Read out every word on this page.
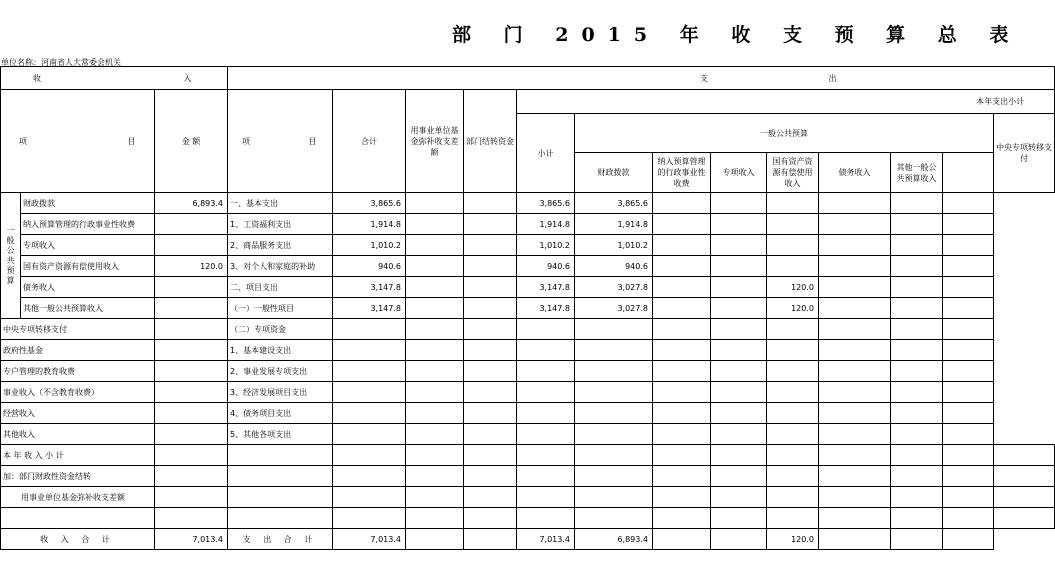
部 门 2015 年 收 支 预 算 总 表
单位名称：河南省人大常委会机关
收 入			支 出												
项 目		金 额	项 目	合计	用事业单位基金弥补收支差额	部门结转资金	本年支出小计								
							小计	一般公共预算							中央专项转移支付
								财政拨款	纳入预算管理的行政事业性收费	专项收入	国有资产资源有偿使用收入	债务收入	其他一般公共预算收入		
一般公共预算	财政拨款	6,893.4	一、基本支出	3,865.6			3,865.6	3,865.6							
	纳入预算管理的行政事业性收费		1、工资福利支出	1,914.8			1,914.8	1,914.8							
	专项收入		2、商品服务支出	1,010.2			1,010.2	1,010.2							
	国有资产资源有偿使用收入	120.0	3、对个人和家庭的补助	940.6			940.6	940.6							
	债务收入		二、项目支出	3,147.8			3,147.8	3,027.8			120.0				
	其他一般公共预算收入		（一）一般性项目	3,147.8			3,147.8	3,027.8			120.0				
中央专项转移支付			（二）专项资金												
政府性基金			1、基本建设支出												
专户管理的教育收费			2、事业发展专项支出												
事业收入（不含教育收费）			3、经济发展项目支出												
经营收入			4、债务项目支出												
其他收入			5、其他各项支出												
本 年 收 入 小 计															
加：部门财政性资金结转															
用事业单位基金弥补收支差额															

收 入 合 计		7,013.4	支 出 合 计	7,013.4			7,013.4	6,893.4			120.0				
